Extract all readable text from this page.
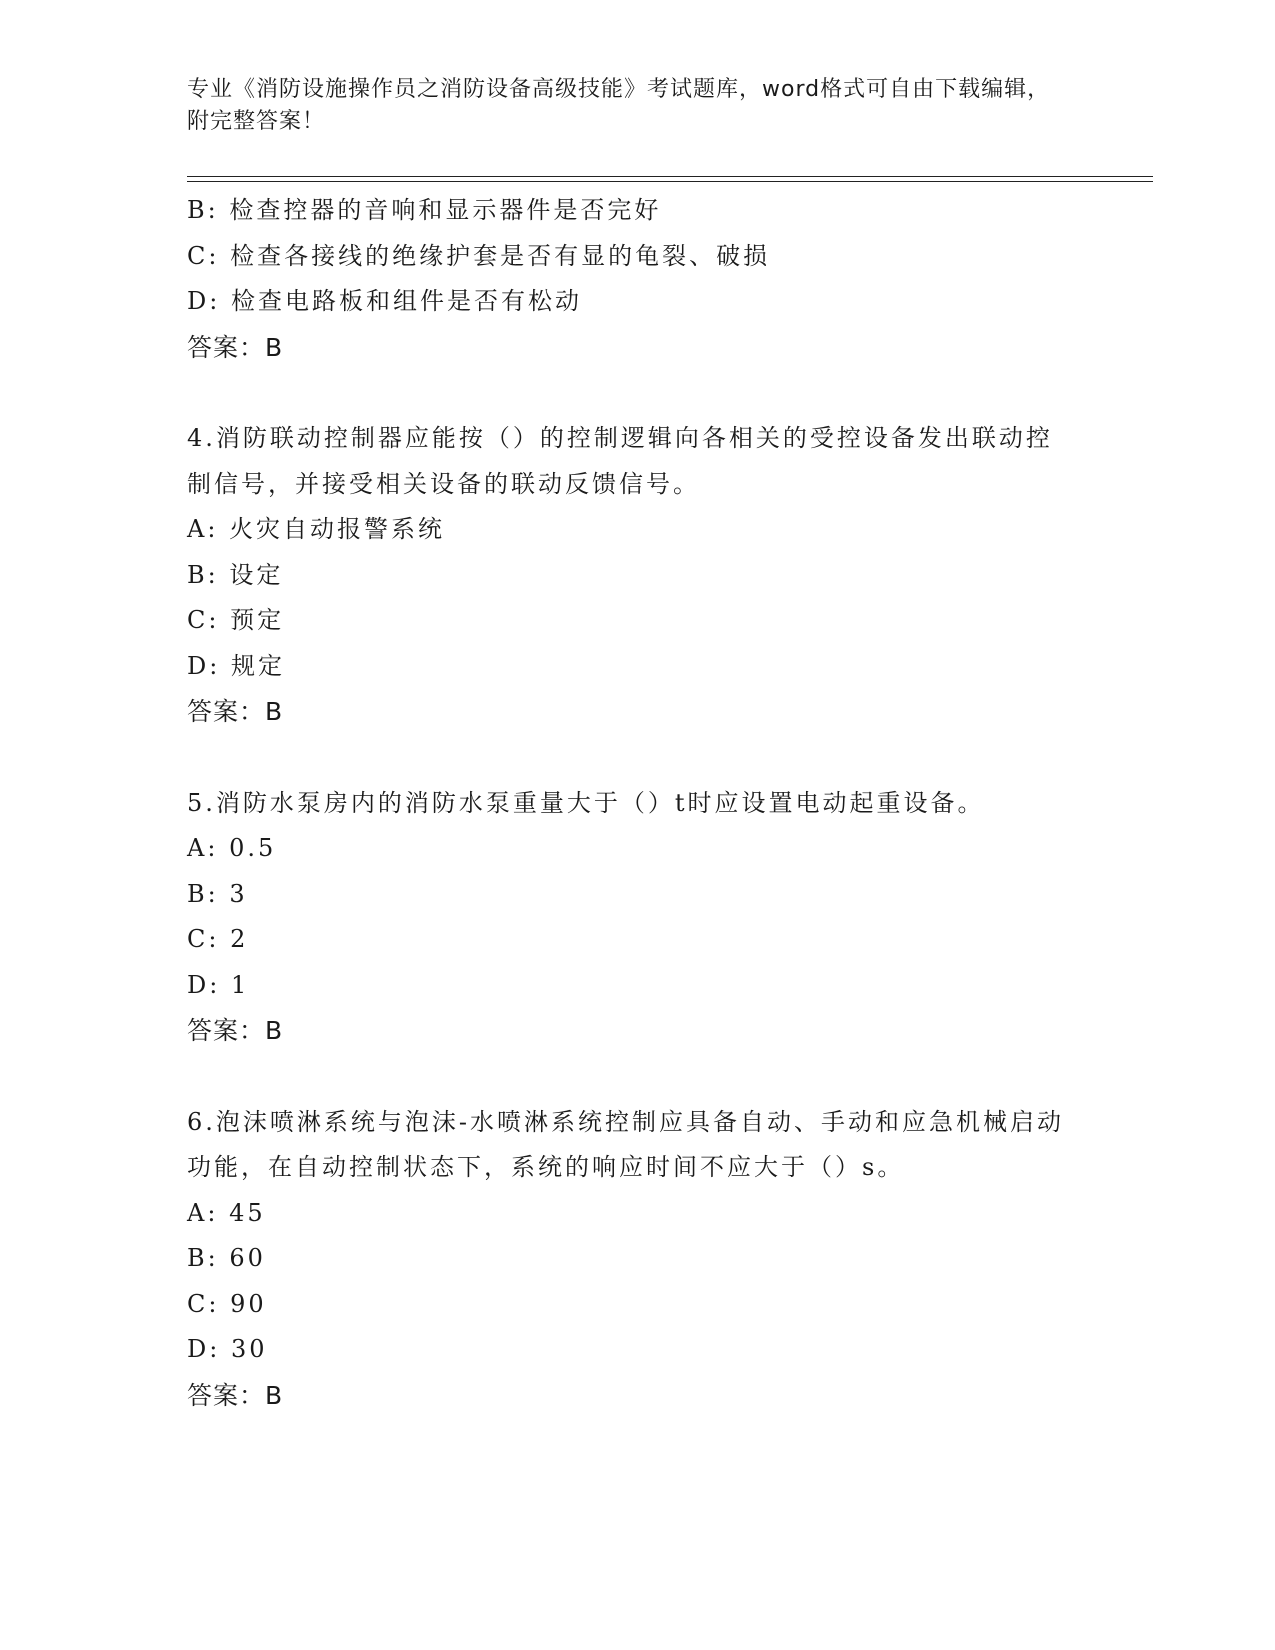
专业《消防设施操作员之消防设备高级技能》考试题库，word格式可自由下载编辑，附完整答案！
B: 检查控器的音响和显示器件是否完好
C: 检查各接线的绝缘护套是否有显的龟裂、破损
D: 检查电路板和组件是否有松动
答案：B
4.消防联动控制器应能按（）的控制逻辑向各相关的受控设备发出联动控制信号，并接受相关设备的联动反馈信号。
A: 火灾自动报警系统
B: 设定
C: 预定
D: 规定
答案：B
5.消防水泵房内的消防水泵重量大于（）t时应设置电动起重设备。
A: 0.5
B: 3
C: 2
D: 1
答案：B
6.泡沫喷淋系统与泡沫-水喷淋系统控制应具备自动、手动和应急机械启动功能，在自动控制状态下，系统的响应时间不应大于（）s。
A: 45
B: 60
C: 90
D: 30
答案：B
